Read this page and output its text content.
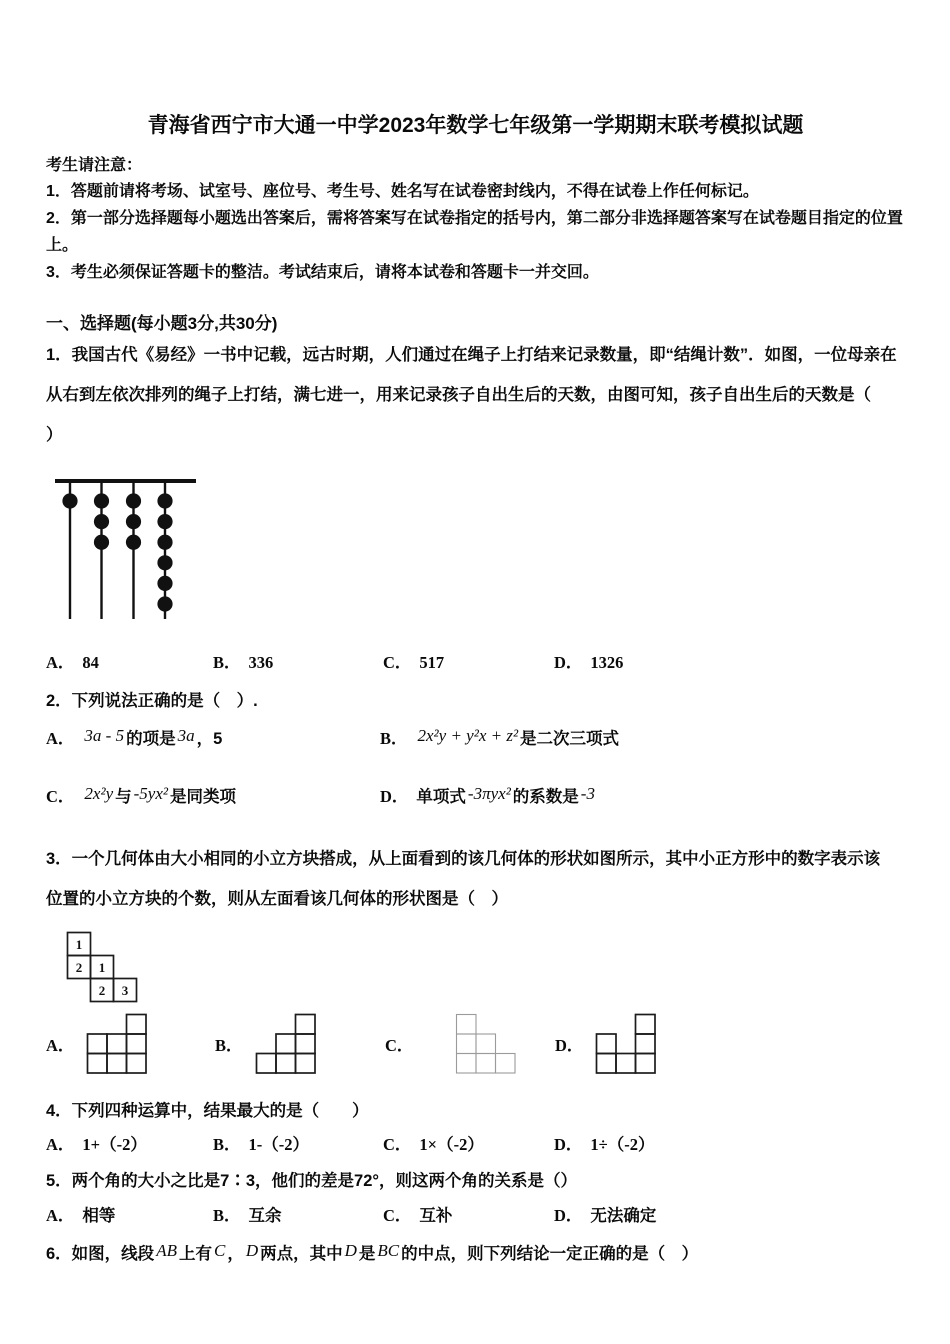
青海省西宁市大通一中学2023年数学七年级第一学期期末联考模拟试题
考生请注意：
1．答题前请将考场、试室号、座位号、考生号、姓名写在试卷密封线内，不得在试卷上作任何标记。
2．第一部分选择题每小题选出答案后，需将答案写在试卷指定的括号内，第二部分非选择题答案写在试卷题目指定的位置上。
3．考生必须保证答题卡的整洁。考试结束后，请将本试卷和答题卡一并交回。
一、选择题(每小题3分,共30分)
1．我国古代《易经》一书中记载，远古时期，人们通过在绳子上打结来记录数量，即“结绳计数”．如图，一位母亲在
从右到左依次排列的绳子上打结，满七进一，用来记录孩子自出生后的天数，由图可知，孩子自出生后的天数是（
）
A． 84	B． 336	C． 517	D． 1326
2．下列说法正确的是（　）.
A． 3a - 5 的项是 3a ，5	B． 2x²y + y²x + z² 是二次三项式
C． 2x²y 与 -5yx² 是同类项	D． 单项式 -3πyx² 的系数是 -3
3．一个几何体由大小相同的小立方块搭成，从上面看到的该几何体的形状如图所示，其中小正方形中的数字表示该
位置的小立方块的个数，则从左面看该几何体的形状图是（　）
1
2 1
2 3
A．	B．	C．	D．
4．下列四种运算中，结果最大的是（　　）
A． 1+（-2）	B． 1-（-2）	C． 1×（-2）	D． 1÷（-2）
5．两个角的大小之比是7∶3，他们的差是72°，则这两个角的关系是（）
A． 相等	B． 互余	C． 互补	D． 无法确定
6．如图，线段 AB 上有 C ， D 两点，其中 D 是 BC 的中点，则下列结论一定正确的是（　）
